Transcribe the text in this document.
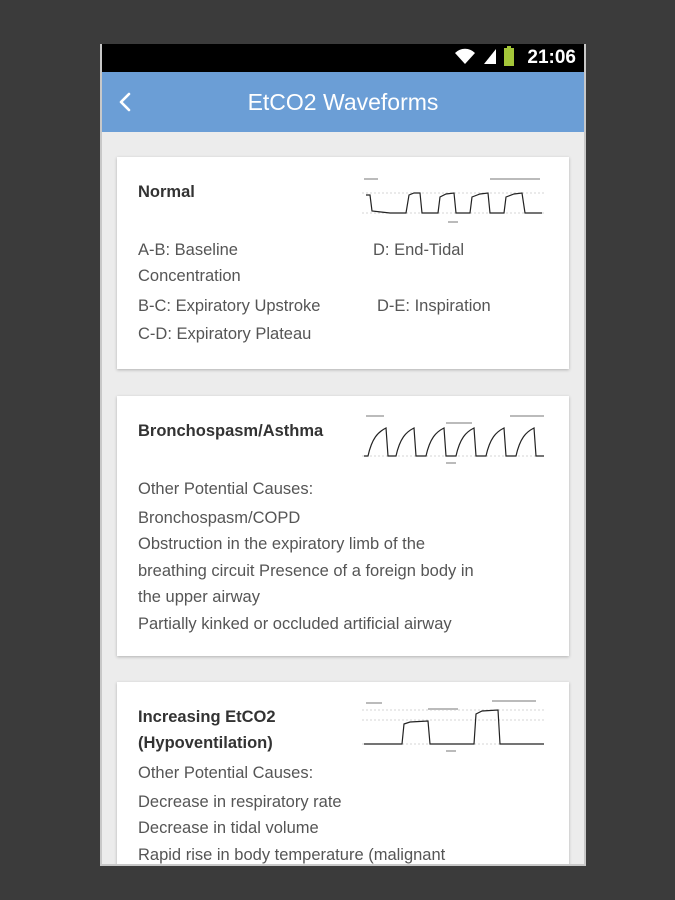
21:06
EtCO2 Waveforms
Normal
A-B: Baseline
Concentration
B-C: Expiratory Upstroke
C-D: Expiratory Plateau
D: End-Tidal
D-E: Inspiration
Bronchospasm/Asthma
Other Potential Causes:
Bronchospasm/COPD
Obstruction in the expiratory limb of the
breathing circuit Presence of a foreign body in
the upper airway
Partially kinked or occluded artificial airway
Increasing EtCO2
(Hypoventilation)
Other Potential Causes:
Decrease in respiratory rate
Decrease in tidal volume
Rapid rise in body temperature (malignant
